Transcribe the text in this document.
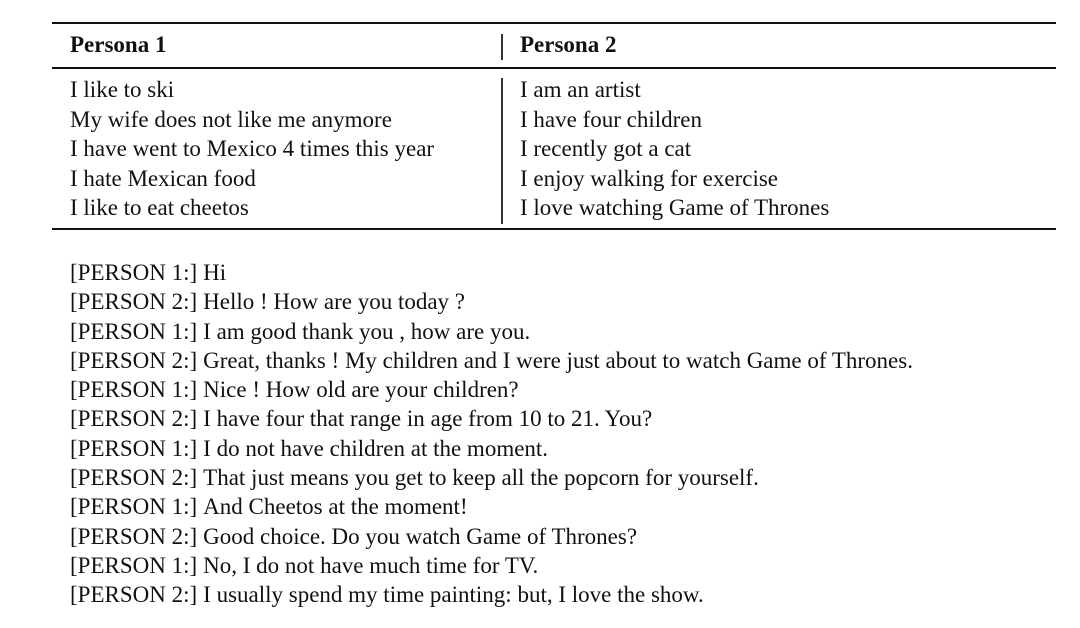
Persona 1	Persona 2
I like to ski
My wife does not like me anymore
I have went to Mexico 4 times this year
I hate Mexican food
I like to eat cheetos
I am an artist
I have four children
I recently got a cat
I enjoy walking for exercise
I love watching Game of Thrones
[PERSON 1:] Hi
[PERSON 2:] Hello ! How are you today ?
[PERSON 1:] I am good thank you , how are you.
[PERSON 2:] Great, thanks ! My children and I were just about to watch Game of Thrones.
[PERSON 1:] Nice ! How old are your children?
[PERSON 2:] I have four that range in age from 10 to 21. You?
[PERSON 1:] I do not have children at the moment.
[PERSON 2:] That just means you get to keep all the popcorn for yourself.
[PERSON 1:] And Cheetos at the moment!
[PERSON 2:] Good choice. Do you watch Game of Thrones?
[PERSON 1:] No, I do not have much time for TV.
[PERSON 2:] I usually spend my time painting: but, I love the show.
